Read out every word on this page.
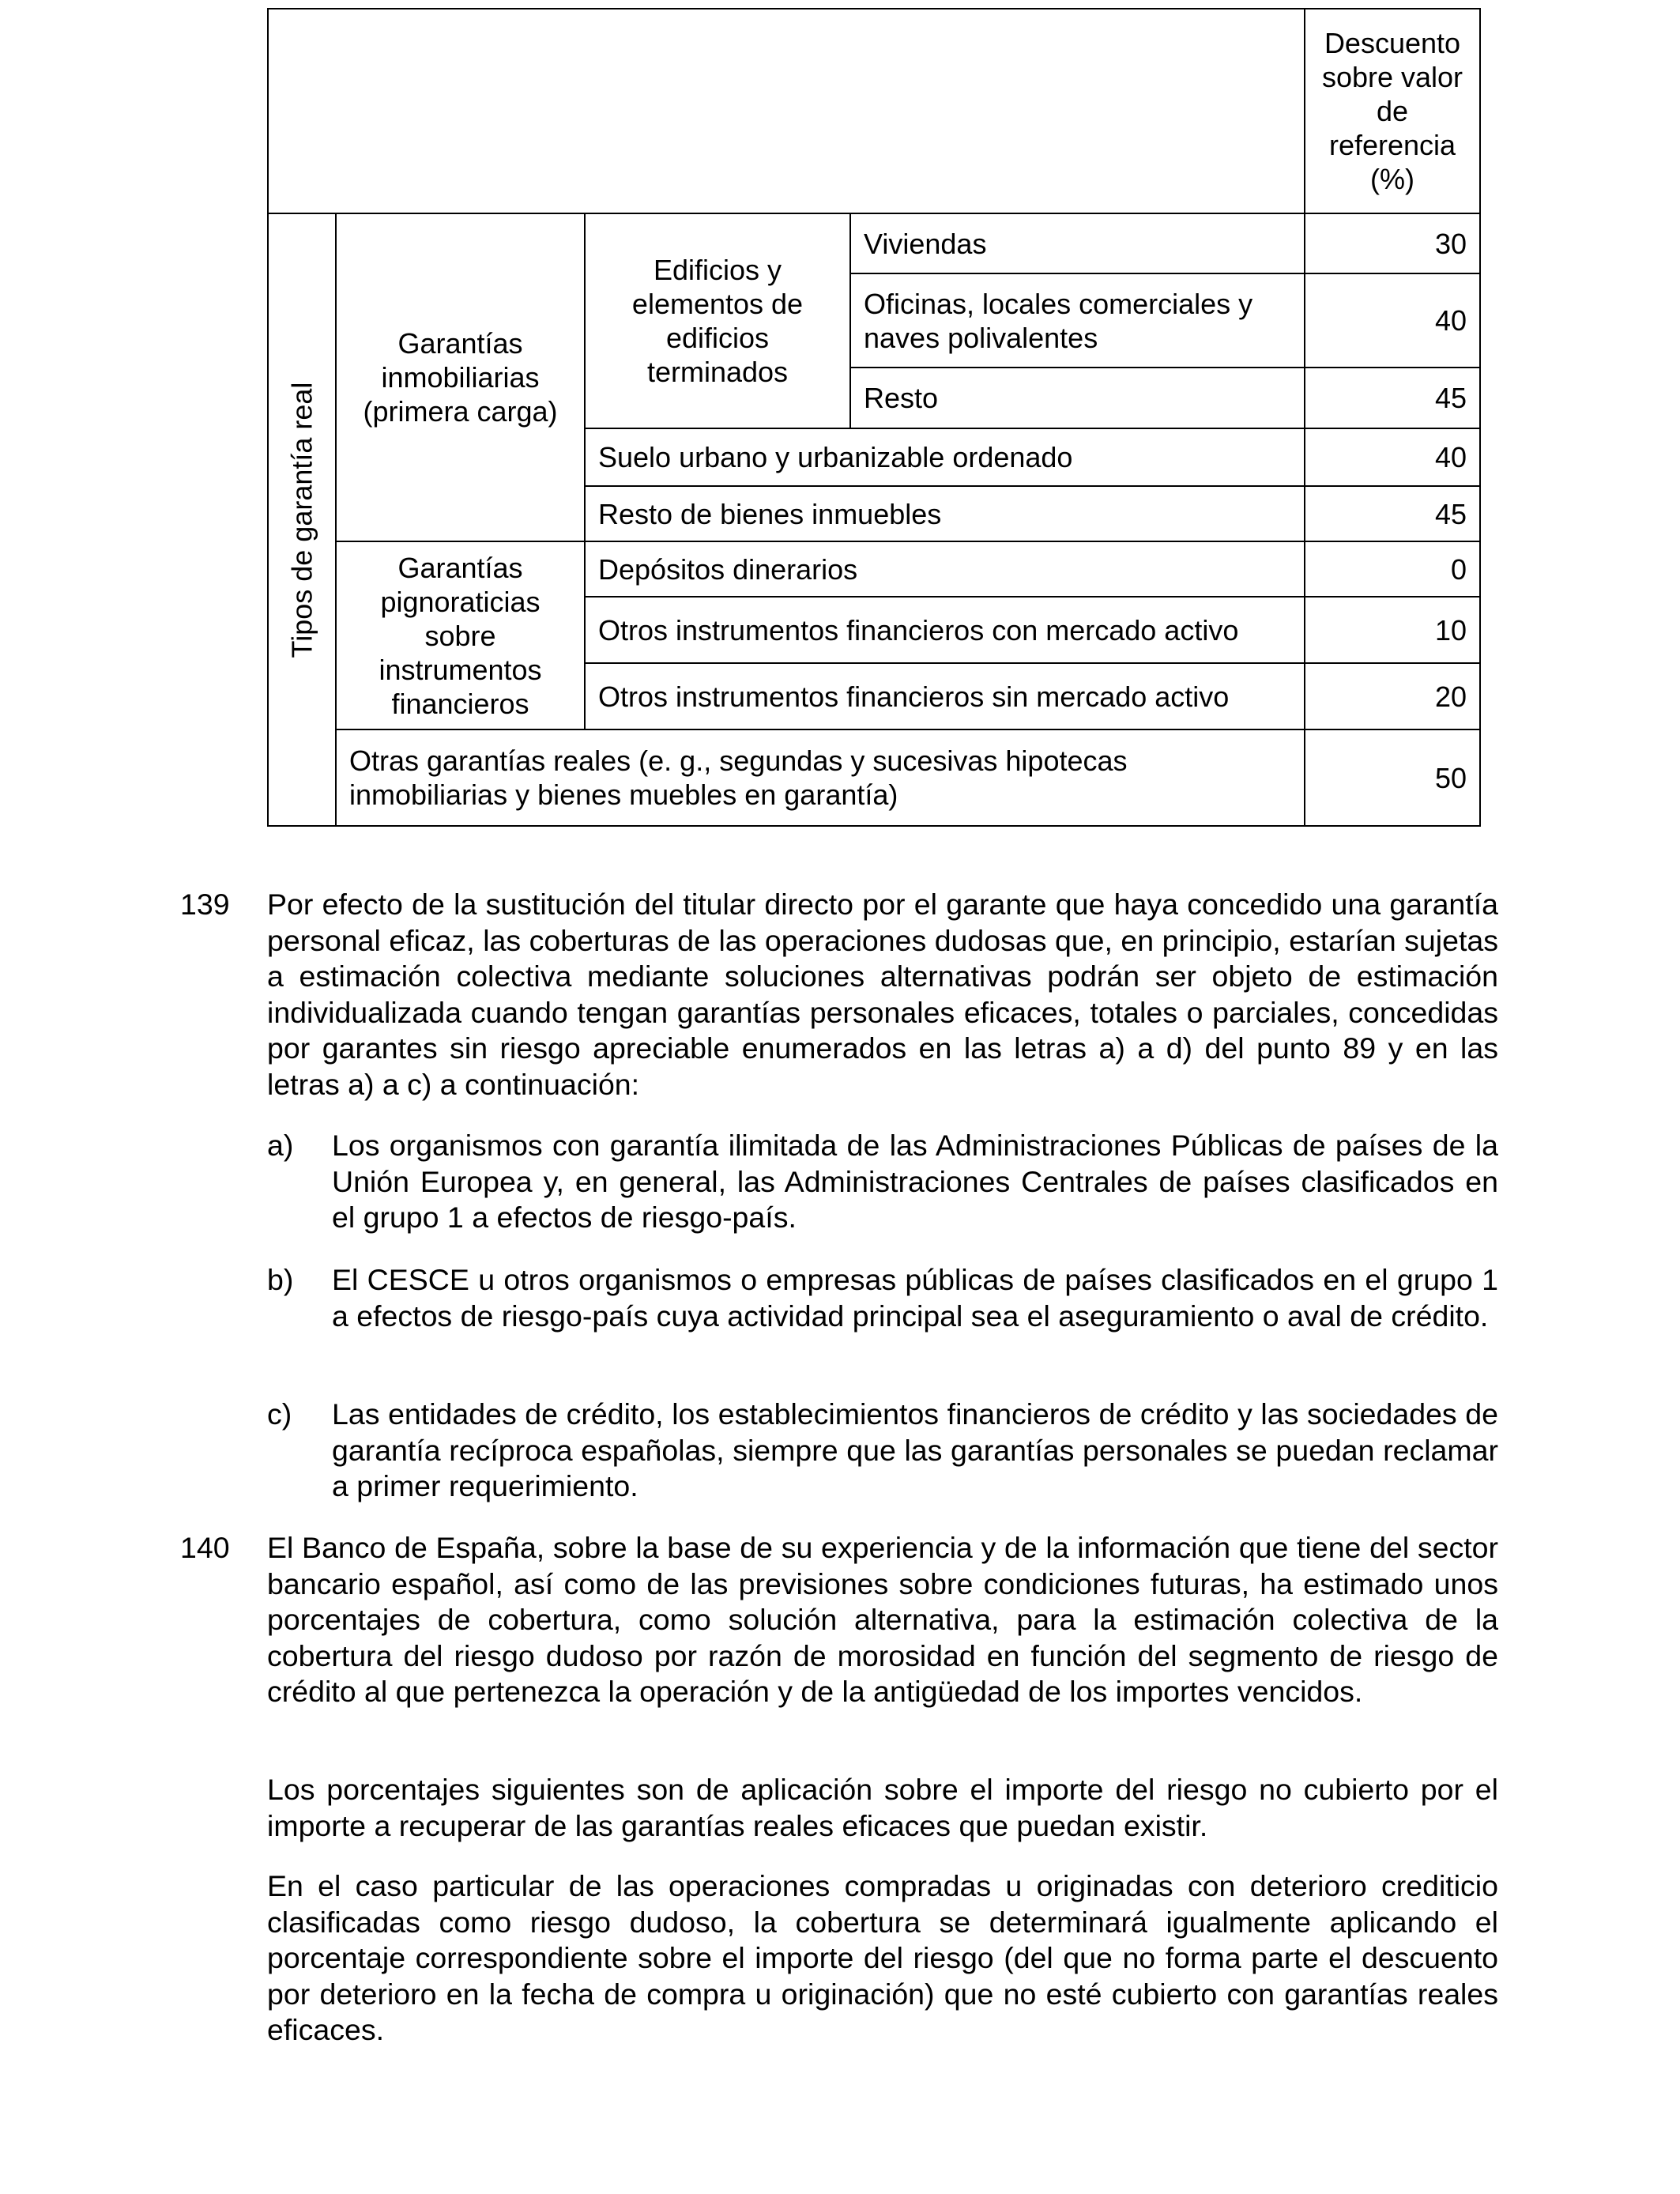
				Descuento sobre valor de referencia (%)

Tipos de garantía real	Garantías inmobiliarias (primera carga)	Edificios y elementos de edificios terminados	Viviendas	30
			Oficinas, locales comerciales y naves polivalentes	40
			Resto	45
		Suelo urbano y urbanizable ordenado		40
		Resto de bienes inmuebles		45
	Garantías pignoraticias sobre instrumentos financieros	Depósitos dinerarios		0
		Otros instrumentos financieros con mercado activo		10
		Otros instrumentos financieros sin mercado activo		20
	Otras garantías reales (e. g., segundas y sucesivas hipotecas inmobiliarias y bienes muebles en garantía)			50
139 Por efecto de la sustitución del titular directo por el garante que haya concedido una garantía personal eficaz, las coberturas de las operaciones dudosas que, en principio, estarían sujetas a estimación colectiva mediante soluciones alternativas podrán ser objeto de estimación individualizada cuando tengan garantías personales eficaces, totales o parciales, concedidas por garantes sin riesgo apreciable enumerados en las letras a) a d) del punto 89 y en las letras a) a c) a continuación:
a) Los organismos con garantía ilimitada de las Administraciones Públicas de países de la Unión Europea y, en general, las Administraciones Centrales de países clasificados en el grupo 1 a efectos de riesgo-país.
b) El CESCE u otros organismos o empresas públicas de países clasificados en el grupo 1 a efectos de riesgo-país cuya actividad principal sea el aseguramiento o aval de crédito.
c) Las entidades de crédito, los establecimientos financieros de crédito y las sociedades de garantía recíproca españolas, siempre que las garantías personales se puedan reclamar a primer requerimiento.
140 El Banco de España, sobre la base de su experiencia y de la información que tiene del sector bancario español, así como de las previsiones sobre condiciones futuras, ha estimado unos porcentajes de cobertura, como solución alternativa, para la estimación colectiva de la cobertura del riesgo dudoso por razón de morosidad en función del segmento de riesgo de crédito al que pertenezca la operación y de la antigüedad de los importes vencidos.
Los porcentajes siguientes son de aplicación sobre el importe del riesgo no cubierto por el importe a recuperar de las garantías reales eficaces que puedan existir.
En el caso particular de las operaciones compradas u originadas con deterioro crediticio clasificadas como riesgo dudoso, la cobertura se determinará igualmente aplicando el porcentaje correspondiente sobre el importe del riesgo (del que no forma parte el descuento por deterioro en la fecha de compra u originación) que no esté cubierto con garantías reales eficaces.
